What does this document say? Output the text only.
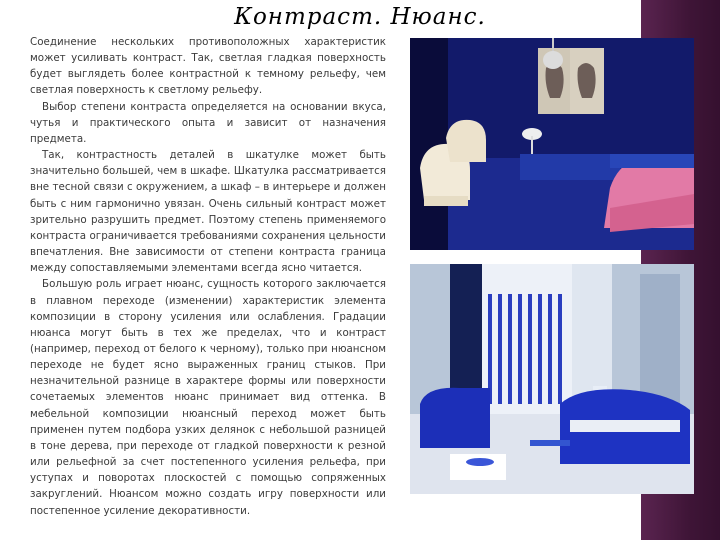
Контраст. Нюанс.

Соединение нескольких противоположных характеристик может усиливать контраст. Так, светлая гладкая поверхность будет выглядеть более контрастной к темному рельефу, чем светлая поверхность к светлому рельефу.

Выбор степени контраста определяется на основании вкуса, чутья и практического опыта и зависит от назначения предмета.

Так, контрастность деталей в шкатулке может быть значительно большей, чем в шкафе. Шкатулка рассматривается вне тесной связи с окружением, а шкаф – в интерьере и должен быть с ним гармонично увязан. Очень сильный контраст может зрительно разрушить предмет. Поэтому степень применяемого контраста ограничивается требованиями сохранения цельности впечатления. Вне зависимости от степени контраста граница между сопоставляемыми элементами всегда ясно читается.

Большую роль играет нюанс, сущность которого заключается в плавном переходе (изменении) характеристик элемента композиции в сторону усиления или ослабления. Градации нюанса могут быть в тех же пределах, что и контраст (например, переход от белого к черному), только при нюансном переходе не будет ясно выраженных границ стыков. При незначительной разнице в характере формы или поверхности сочетаемых элементов нюанс принимает вид оттенка. В мебельной композиции нюансный переход может быть применен путем подбора узких делянок с небольшой разницей в тоне дерева, при переходе от гладкой поверхности к резной или рельефной за счет постепенного усиления рельефа, при уступах и поворотах плоскостей с помощью сопряженных закруглений. Нюансом можно создать игру поверхности или постепенное усиление декоративности.
